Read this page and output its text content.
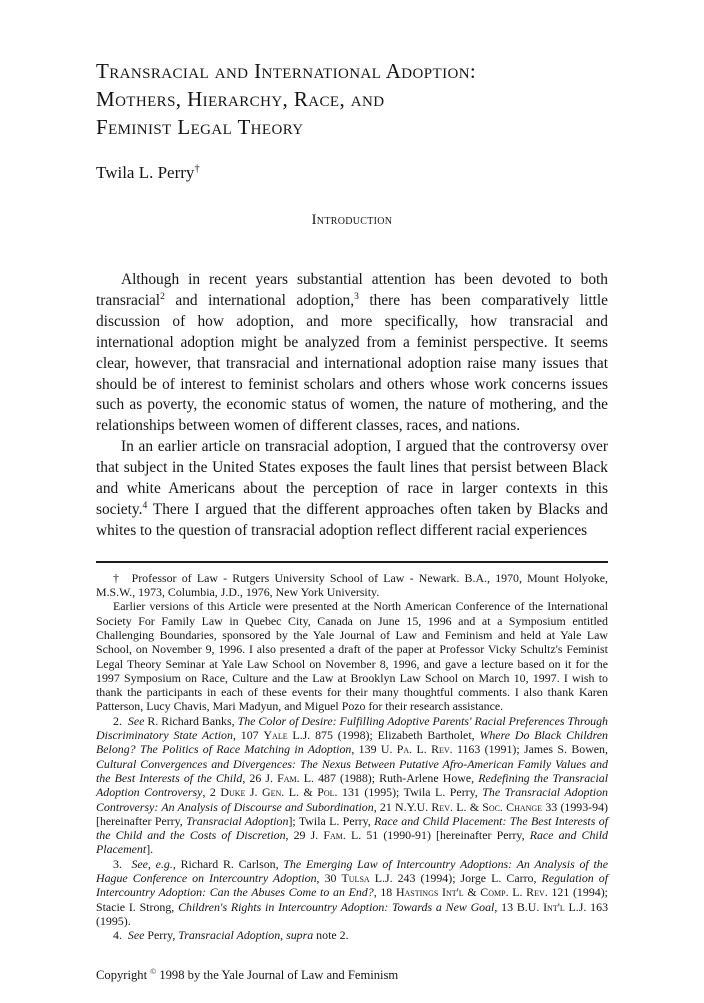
Transracial and International Adoption:
Mothers, Hierarchy, Race, and
Feminist Legal Theory
Twila L. Perry†
Introduction

Although in recent years substantial attention has been devoted to both transracial$^2$ and international adoption,$^3$ there has been comparatively little discussion of how adoption, and more specifically, how transracial and international adoption might be analyzed from a feminist perspective. It seems clear, however, that transracial and international adoption raise many issues that should be of interest to feminist scholars and others whose work concerns issues such as poverty, the economic status of women, the nature of mothering, and the relationships between women of different classes, races, and nations.

In an earlier article on transracial adoption, I argued that the controversy over that subject in the United States exposes the fault lines that persist between Black and white Americans about the perception of race in larger contexts in this society.$^4$ There I argued that the different approaches often taken by Blacks and whites to the question of transracial adoption reflect different racial experiences

†  Professor of Law - Rutgers University School of Law - Newark. B.A., 1970, Mount Holyoke, M.S.W., 1973, Columbia, J.D., 1976, New York University.

Earlier versions of this Article were presented at the North American Conference of the International Society For Family Law in Quebec City, Canada on June 15, 1996 and at a Symposium entitled Challenging Boundaries, sponsored by the Yale Journal of Law and Feminism and held at Yale Law School, on November 9, 1996. I also presented a draft of the paper at Professor Vicky Schultz's Feminist Legal Theory Seminar at Yale Law School on November 8, 1996, and gave a lecture based on it for the 1997 Symposium on Race, Culture and the Law at Brooklyn Law School on March 10, 1997. I wish to thank the participants in each of these events for their many thoughtful comments. I also thank Karen Patterson, Lucy Chavis, Mari Madyun, and Miguel Pozo for their research assistance.

2.  See R. Richard Banks, The Color of Desire: Fulfilling Adoptive Parents' Racial Preferences Through Discriminatory State Action, 107 Yale L.J. 875 (1998); Elizabeth Bartholet, Where Do Black Children Belong? The Politics of Race Matching in Adoption, 139 U. Pa. L. Rev. 1163 (1991); James S. Bowen, Cultural Convergences and Divergences: The Nexus Between Putative Afro-American Family Values and the Best Interests of the Child, 26 J. Fam. L. 487 (1988); Ruth-Arlene Howe, Redefining the Transracial Adoption Controversy, 2 Duke J. Gen. L. & Pol. 131 (1995); Twila L. Perry, The Transracial Adoption Controversy: An Analysis of Discourse and Subordination, 21 N.Y.U. Rev. L. & Soc. Change 33 (1993-94) [hereinafter Perry, Transracial Adoption]; Twila L. Perry, Race and Child Placement: The Best Interests of the Child and the Costs of Discretion, 29 J. Fam. L. 51 (1990-91) [hereinafter Perry, Race and Child Placement].

3.  See, e.g., Richard R. Carlson, The Emerging Law of Intercountry Adoptions: An Analysis of the Hague Conference on Intercountry Adoption, 30 Tulsa L.J. 243 (1994); Jorge L. Carro, Regulation of Intercountry Adoption: Can the Abuses Come to an End?, 18 Hastings Int'l & Comp. L. Rev. 121 (1994); Stacie I. Strong, Children's Rights in Intercountry Adoption: Towards a New Goal, 13 B.U. Int'l L.J. 163 (1995).

4.  See Perry, Transracial Adoption, supra note 2.

Copyright © 1998 by the Yale Journal of Law and Feminism
